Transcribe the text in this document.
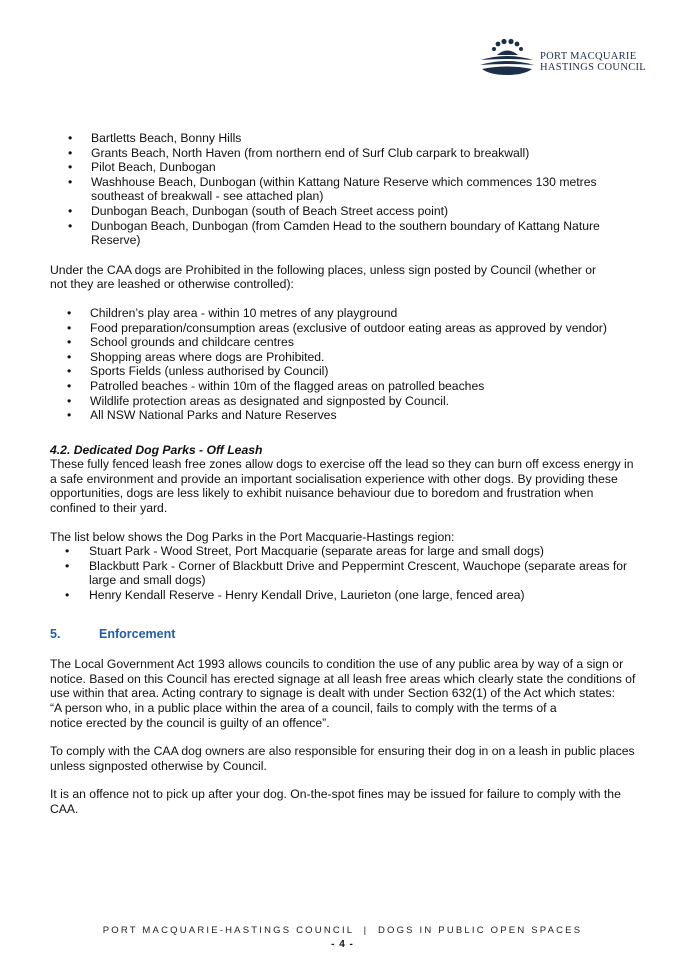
PORT MACQUARIE
HASTINGS COUNCIL
• Bartletts Beach, Bonny Hills
• Grants Beach, North Haven (from northern end of Surf Club carpark to breakwall)
• Pilot Beach, Dunbogan
• Washhouse Beach, Dunbogan (within Kattang Nature Reserve which commences 130 metres southeast of breakwall - see attached plan)
• Dunbogan Beach, Dunbogan (south of Beach Street access point)
• Dunbogan Beach, Dunbogan (from Camden Head to the southern boundary of Kattang Nature Reserve)

Under the CAA dogs are Prohibited in the following places, unless sign posted by Council (whether or not they are leashed or otherwise controlled):

• Children’s play area - within 10 metres of any playground
• Food preparation/consumption areas (exclusive of outdoor eating areas as approved by vendor)
• School grounds and childcare centres
• Shopping areas where dogs are Prohibited.
• Sports Fields (unless authorised by Council)
• Patrolled beaches - within 10m of the flagged areas on patrolled beaches
• Wildlife protection areas as designated and signposted by Council.
• All NSW National Parks and Nature Reserves

4.2. Dedicated Dog Parks - Off Leash

These fully fenced leash free zones allow dogs to exercise off the lead so they can burn off excess energy in a safe environment and provide an important socialisation experience with other dogs. By providing these opportunities, dogs are less likely to exhibit nuisance behaviour due to boredom and frustration when confined to their yard.

The list below shows the Dog Parks in the Port Macquarie-Hastings region:

• Stuart Park - Wood Street, Port Macquarie (separate areas for large and small dogs)
• Blackbutt Park - Corner of Blackbutt Drive and Peppermint Crescent, Wauchope (separate areas for large and small dogs)
• Henry Kendall Reserve - Henry Kendall Drive, Laurieton (one large, fenced area)

5.	Enforcement

The Local Government Act 1993 allows councils to condition the use of any public area by way of a sign or notice. Based on this Council has erected signage at all leash free areas which clearly state the conditions of use within that area. Acting contrary to signage is dealt with under Section 632(1) of the Act which states:

“A person who, in a public place within the area of a council, fails to comply with the terms of a notice erected by the council is guilty of an offence”.

To comply with the CAA dog owners are also responsible for ensuring their dog in on a leash in public places unless signposted otherwise by Council.

It is an offence not to pick up after your dog. On-the-spot fines may be issued for failure to comply with the CAA.

PORT MACQUARIE-HASTINGS COUNCIL  |  DOGS IN PUBLIC OPEN SPACES
- 4 -
